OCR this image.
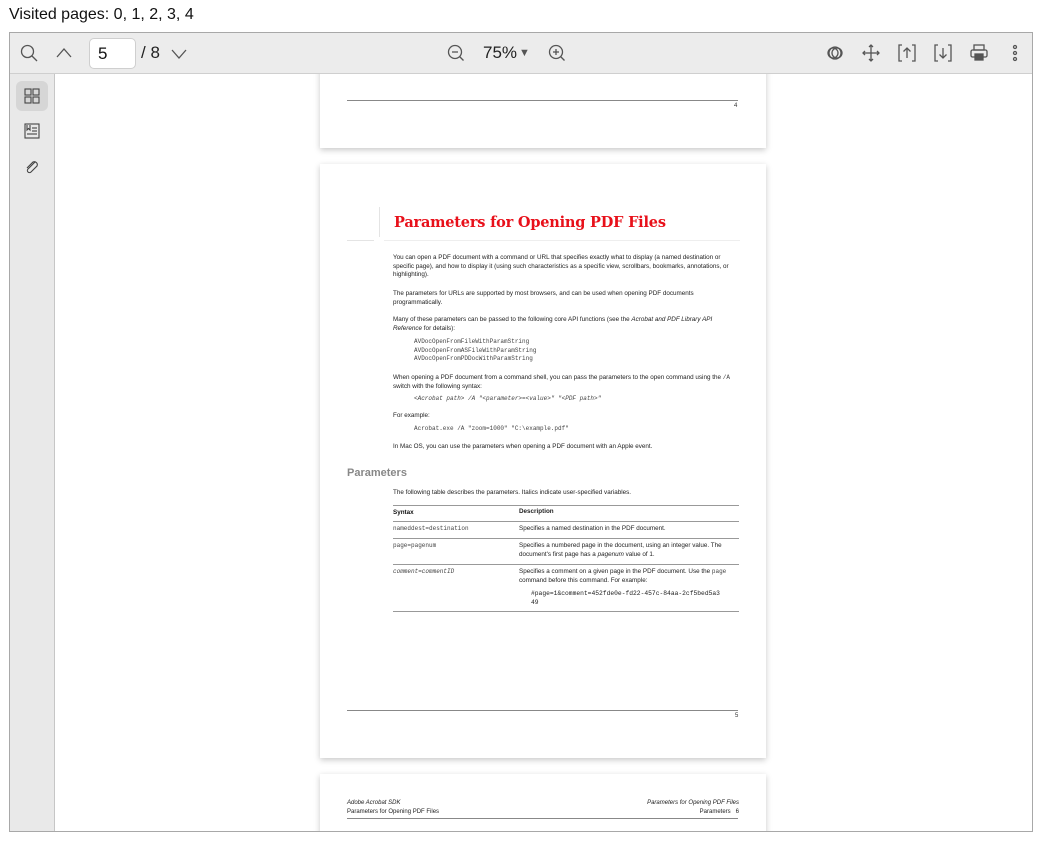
Visited pages: 0, 1, 2, 3, 4
5
/ 8	75% ▼
4
Parameters for Opening PDF Files
You can open a PDF document with a command or URL that specifies exactly what to display (a named destination or specific page), and how to display it (using such characteristics as a specific view, scrollbars, bookmarks, annotations, or highlighting).
The parameters for URLs are supported by most browsers, and can be used when opening PDF documents programmatically.
Many of these parameters can be passed to the following core API functions (see the Acrobat and PDF Library API Reference for details):
AVDocOpenFromFileWithParamString
AVDocOpenFromASFileWithParamString
AVDocOpenFromPDDocWithParamString
When opening a PDF document from a command shell, you can pass the parameters to the open command using the /A switch with the following syntax:
<Acrobat path> /A "<parameter>=<value>" "<PDF path>"
For example:
Acrobat.exe /A "zoom=1000" "C:\example.pdf"
In Mac OS, you can use the parameters when opening a PDF document with an Apple event.
Parameters
The following table describes the parameters. Italics indicate user-specified variables.
Syntax	Description
nameddest=destination	Specifies a named destination in the PDF document.
page=pagenum	Specifies a numbered page in the document, using an integer value. The document's first page has a pagenum value of 1.
comment=commentID	Specifies a comment on a given page in the PDF document. Use the page command before this command. For example:
#page=1&comment=452fde0e-fd22-457c-84aa-2cf5bed5a349
5
Adobe Acrobat SDK
Parameters for Opening PDF Files
Parameters for Opening PDF Files
Parameters   6
